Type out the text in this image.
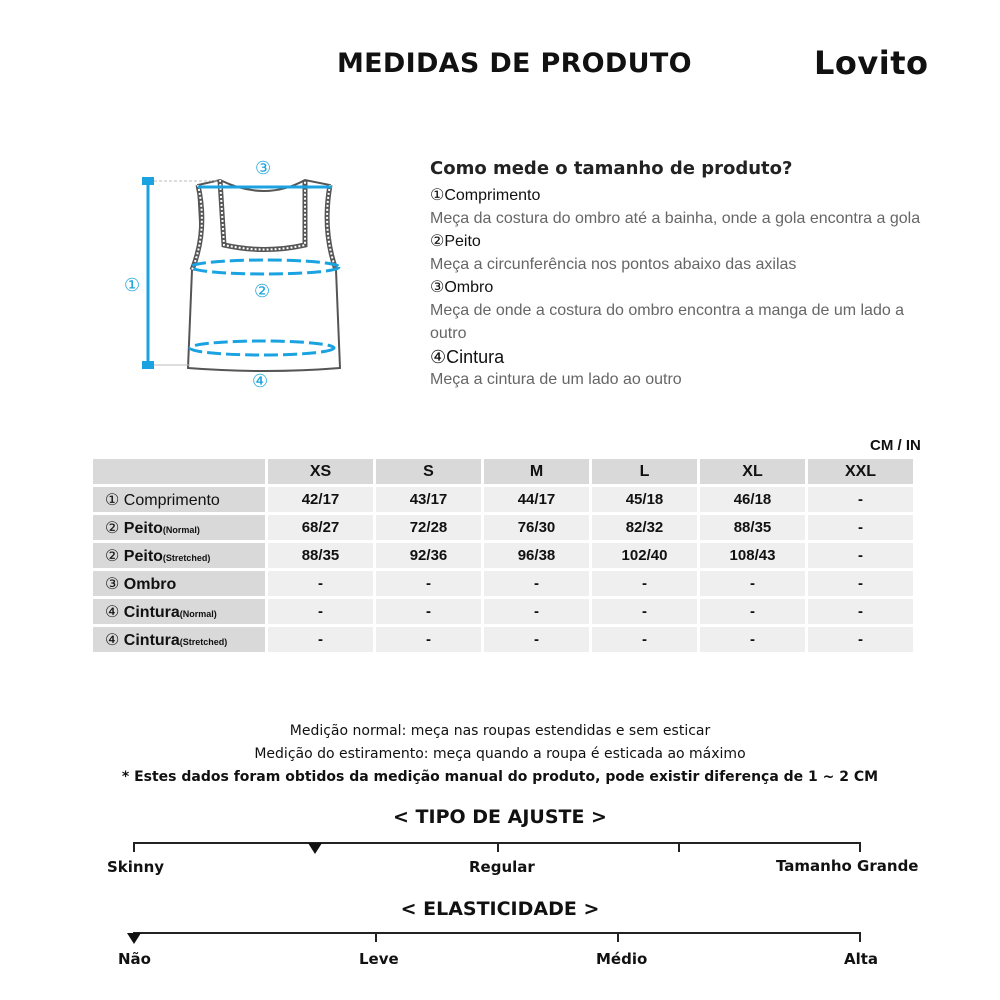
MEDIDAS DE PRODUTO	Lovito
①	②
③
④
Como mede o tamanho de produto?
①Comprimento
Meça da costura do ombro até a bainha, onde a gola encontra a gola
②Peito
Meça a circunferência nos pontos abaixo das axilas
③Ombro
Meça de onde a costura do ombro encontra a manga de um lado a outro
④Cintura
Meça a cintura de um lado ao outro
CM / IN
	XS	S	M	L	XL	XXL
① Comprimento	42/17	43/17	44/17	45/18	46/18	-
② Peito(Normal)	68/27	72/28	76/30	82/32	88/35	-
② Peito(Stretched)	88/35	92/36	96/38	102/40	108/43	-
③ Ombro	-	-	-	-	-	-
④ Cintura(Normal)	-	-	-	-	-	-
④ Cintura(Stretched)	-	-	-	-	-	-
Medição normal: meça nas roupas estendidas e sem esticar
Medição do estiramento: meça quando a roupa é esticada ao máximo
* Estes dados foram obtidos da medição manual do produto, pode existir diferença de 1 ~ 2 CM
< TIPO DE AJUSTE >
Skinny	Regular	Tamanho Grande
< ELASTICIDADE >
Não	Leve	Médio	Alta
